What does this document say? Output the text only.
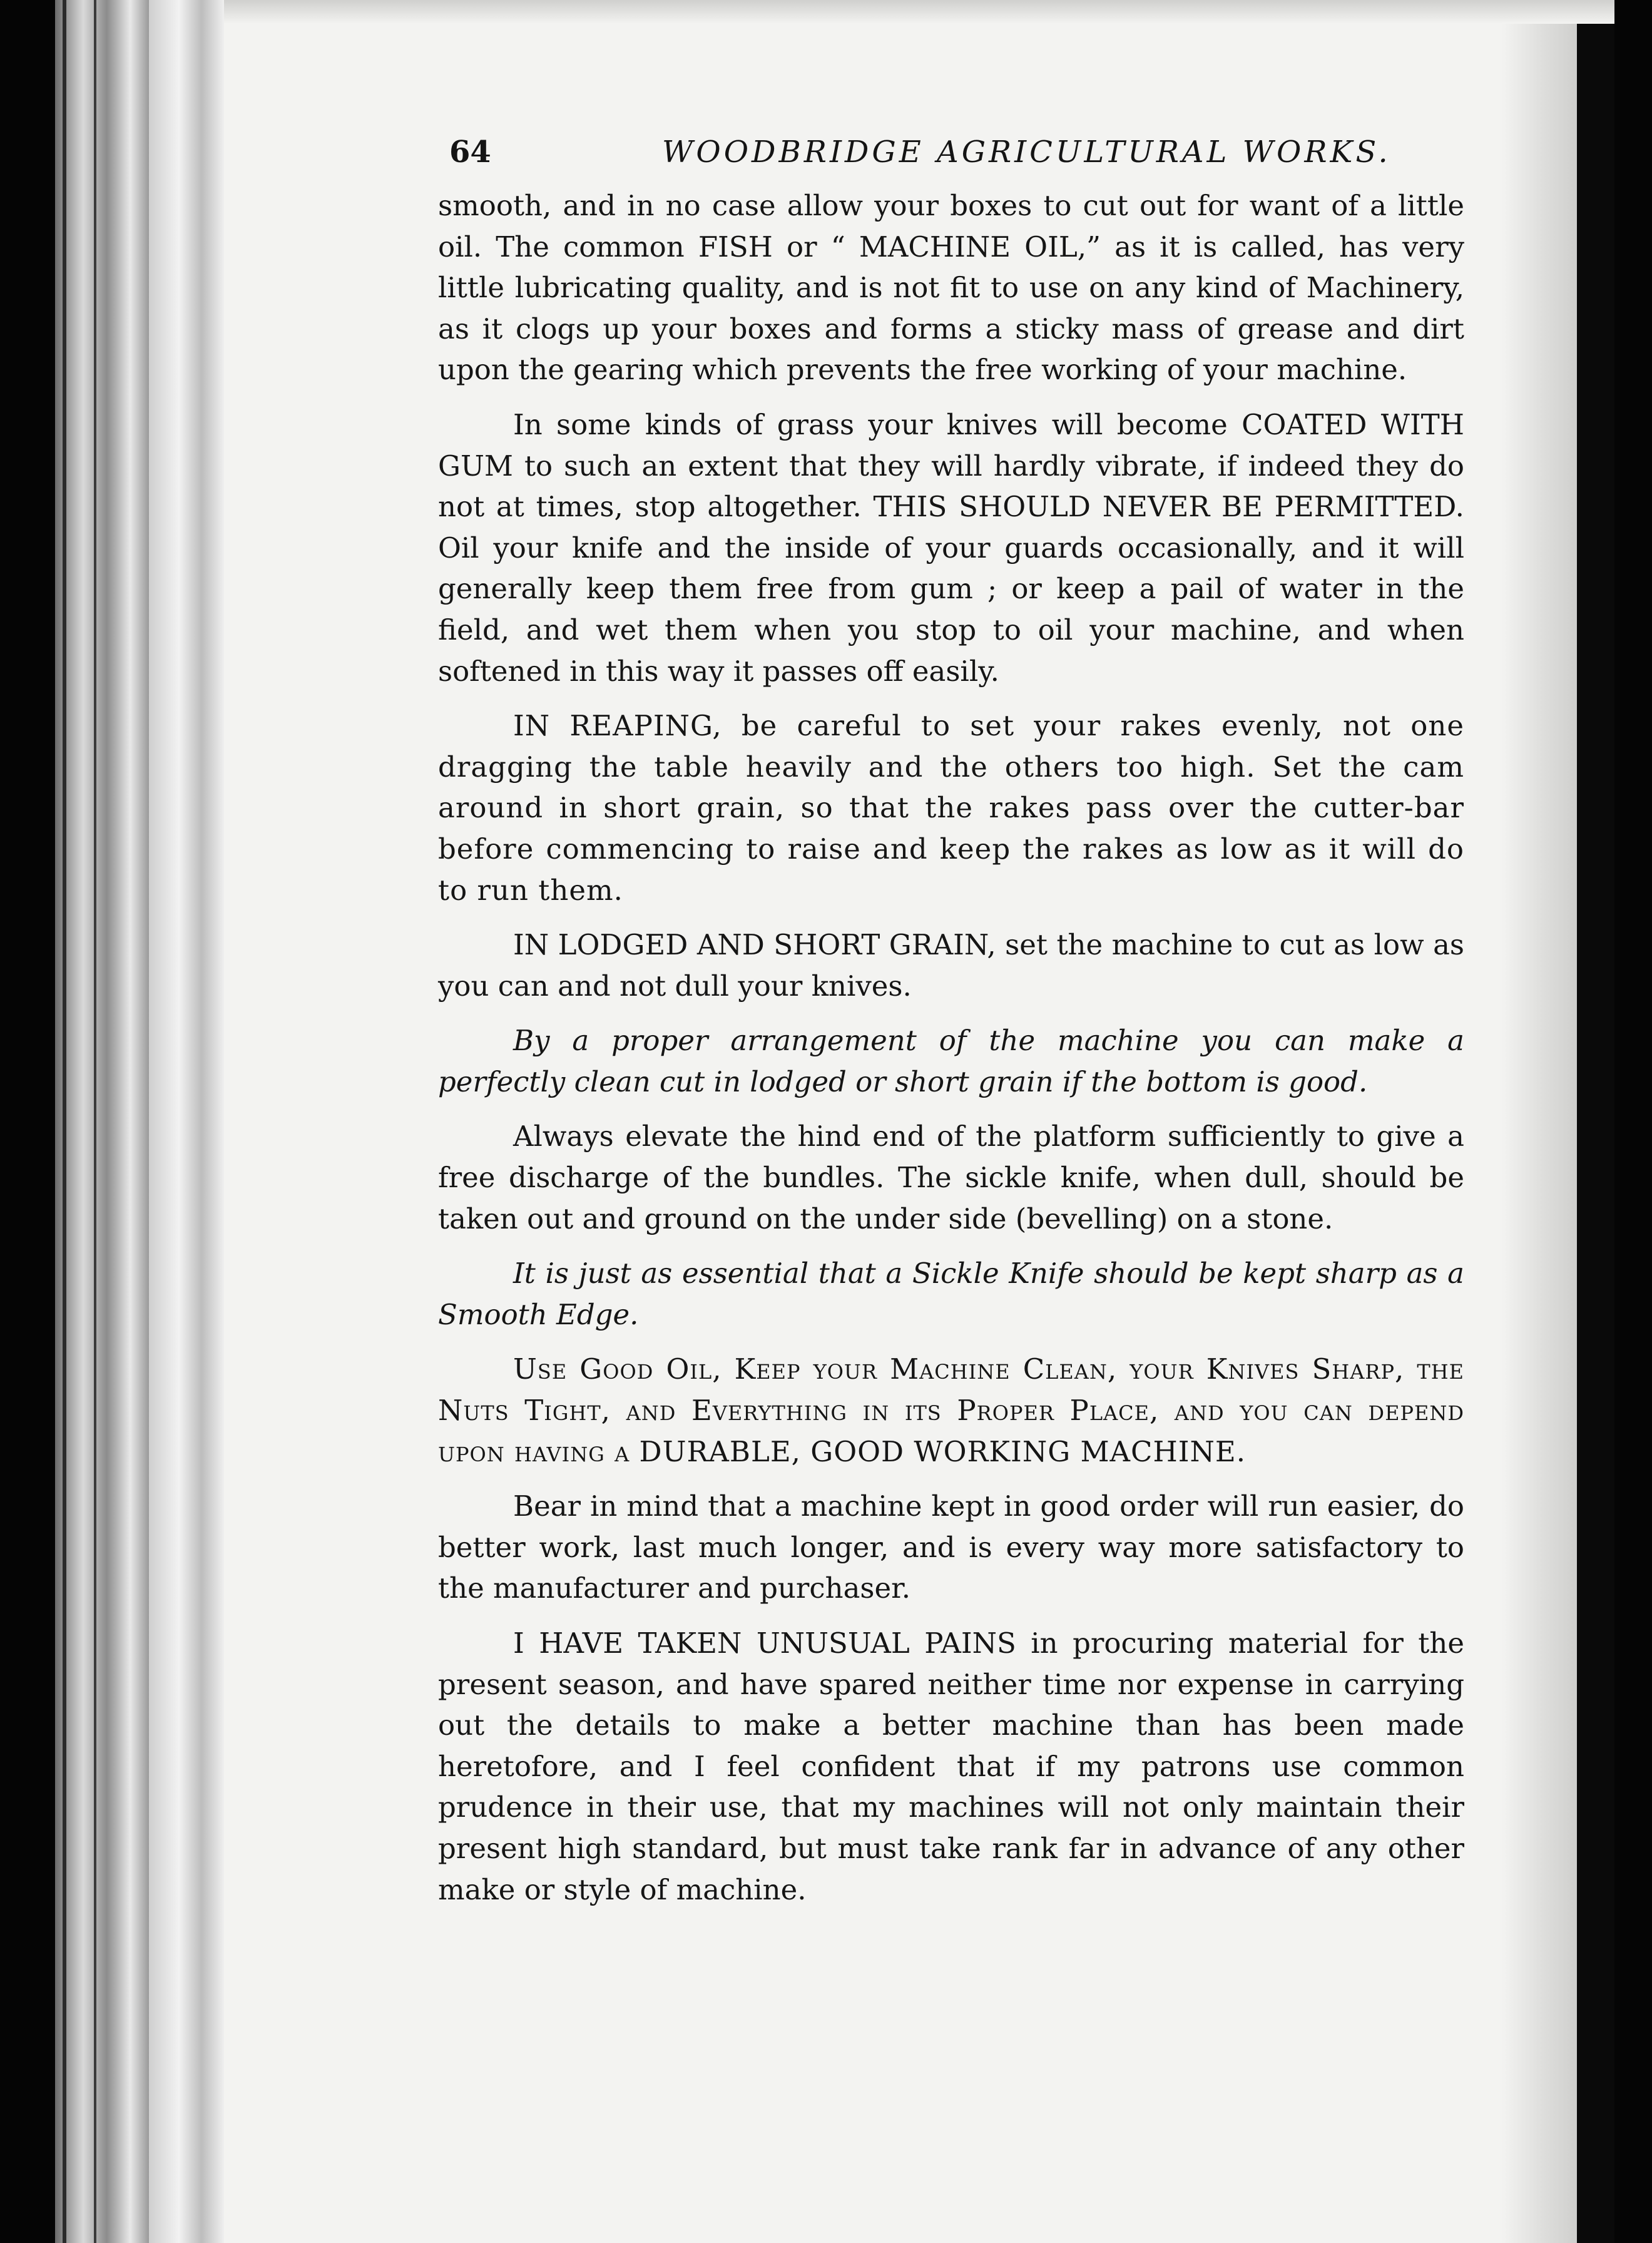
64	WOODBRIDGE AGRICULTURAL WORKS.

smooth, and in no case allow your boxes to cut out for want of a little oil. The common FISH or “ MACHINE OIL,” as it is called, has very little lubricating quality, and is not fit to use on any kind of Machinery, as it clogs up your boxes and forms a sticky mass of grease and dirt upon the gearing which prevents the free working of your machine.

In some kinds of grass your knives will become COATED WITH GUM to such an extent that they will hardly vibrate, if indeed they do not at times, stop altogether. THIS SHOULD NEVER BE PERMITTED. Oil your knife and the inside of your guards occasionally, and it will generally keep them free from gum ; or keep a pail of water in the field, and wet them when you stop to oil your machine, and when softened in this way it passes off easily.

IN REAPING, be careful to set your rakes evenly, not one dragging the table heavily and the others too high. Set the cam around in short grain, so that the rakes pass over the cutter-bar before commencing to raise and keep the rakes as low as it will do to run them.

IN LODGED AND SHORT GRAIN, set the machine to cut as low as you can and not dull your knives.

By a proper arrangement of the machine you can make a perfectly clean cut in lodged or short grain if the bottom is good.

Always elevate the hind end of the platform sufficiently to give a free discharge of the bundles. The sickle knife, when dull, should be taken out and ground on the under side (bevelling) on a stone.

It is just as essential that a Sickle Knife should be kept sharp as a Smooth Edge.

Use Good Oil, Keep your Machine Clean, your Knives Sharp, the Nuts Tight, and Everything in its Proper Place, and you can depend upon having a DURABLE, GOOD WORKING MACHINE.

Bear in mind that a machine kept in good order will run easier, do better work, last much longer, and is every way more satisfactory to the manufacturer and purchaser.

I HAVE TAKEN UNUSUAL PAINS in procuring material for the present season, and have spared neither time nor expense in carrying out the details to make a better machine than has been made heretofore, and I feel confident that if my patrons use common prudence in their use, that my machines will not only maintain their present high standard, but must take rank far in advance of any other make or style of machine.
